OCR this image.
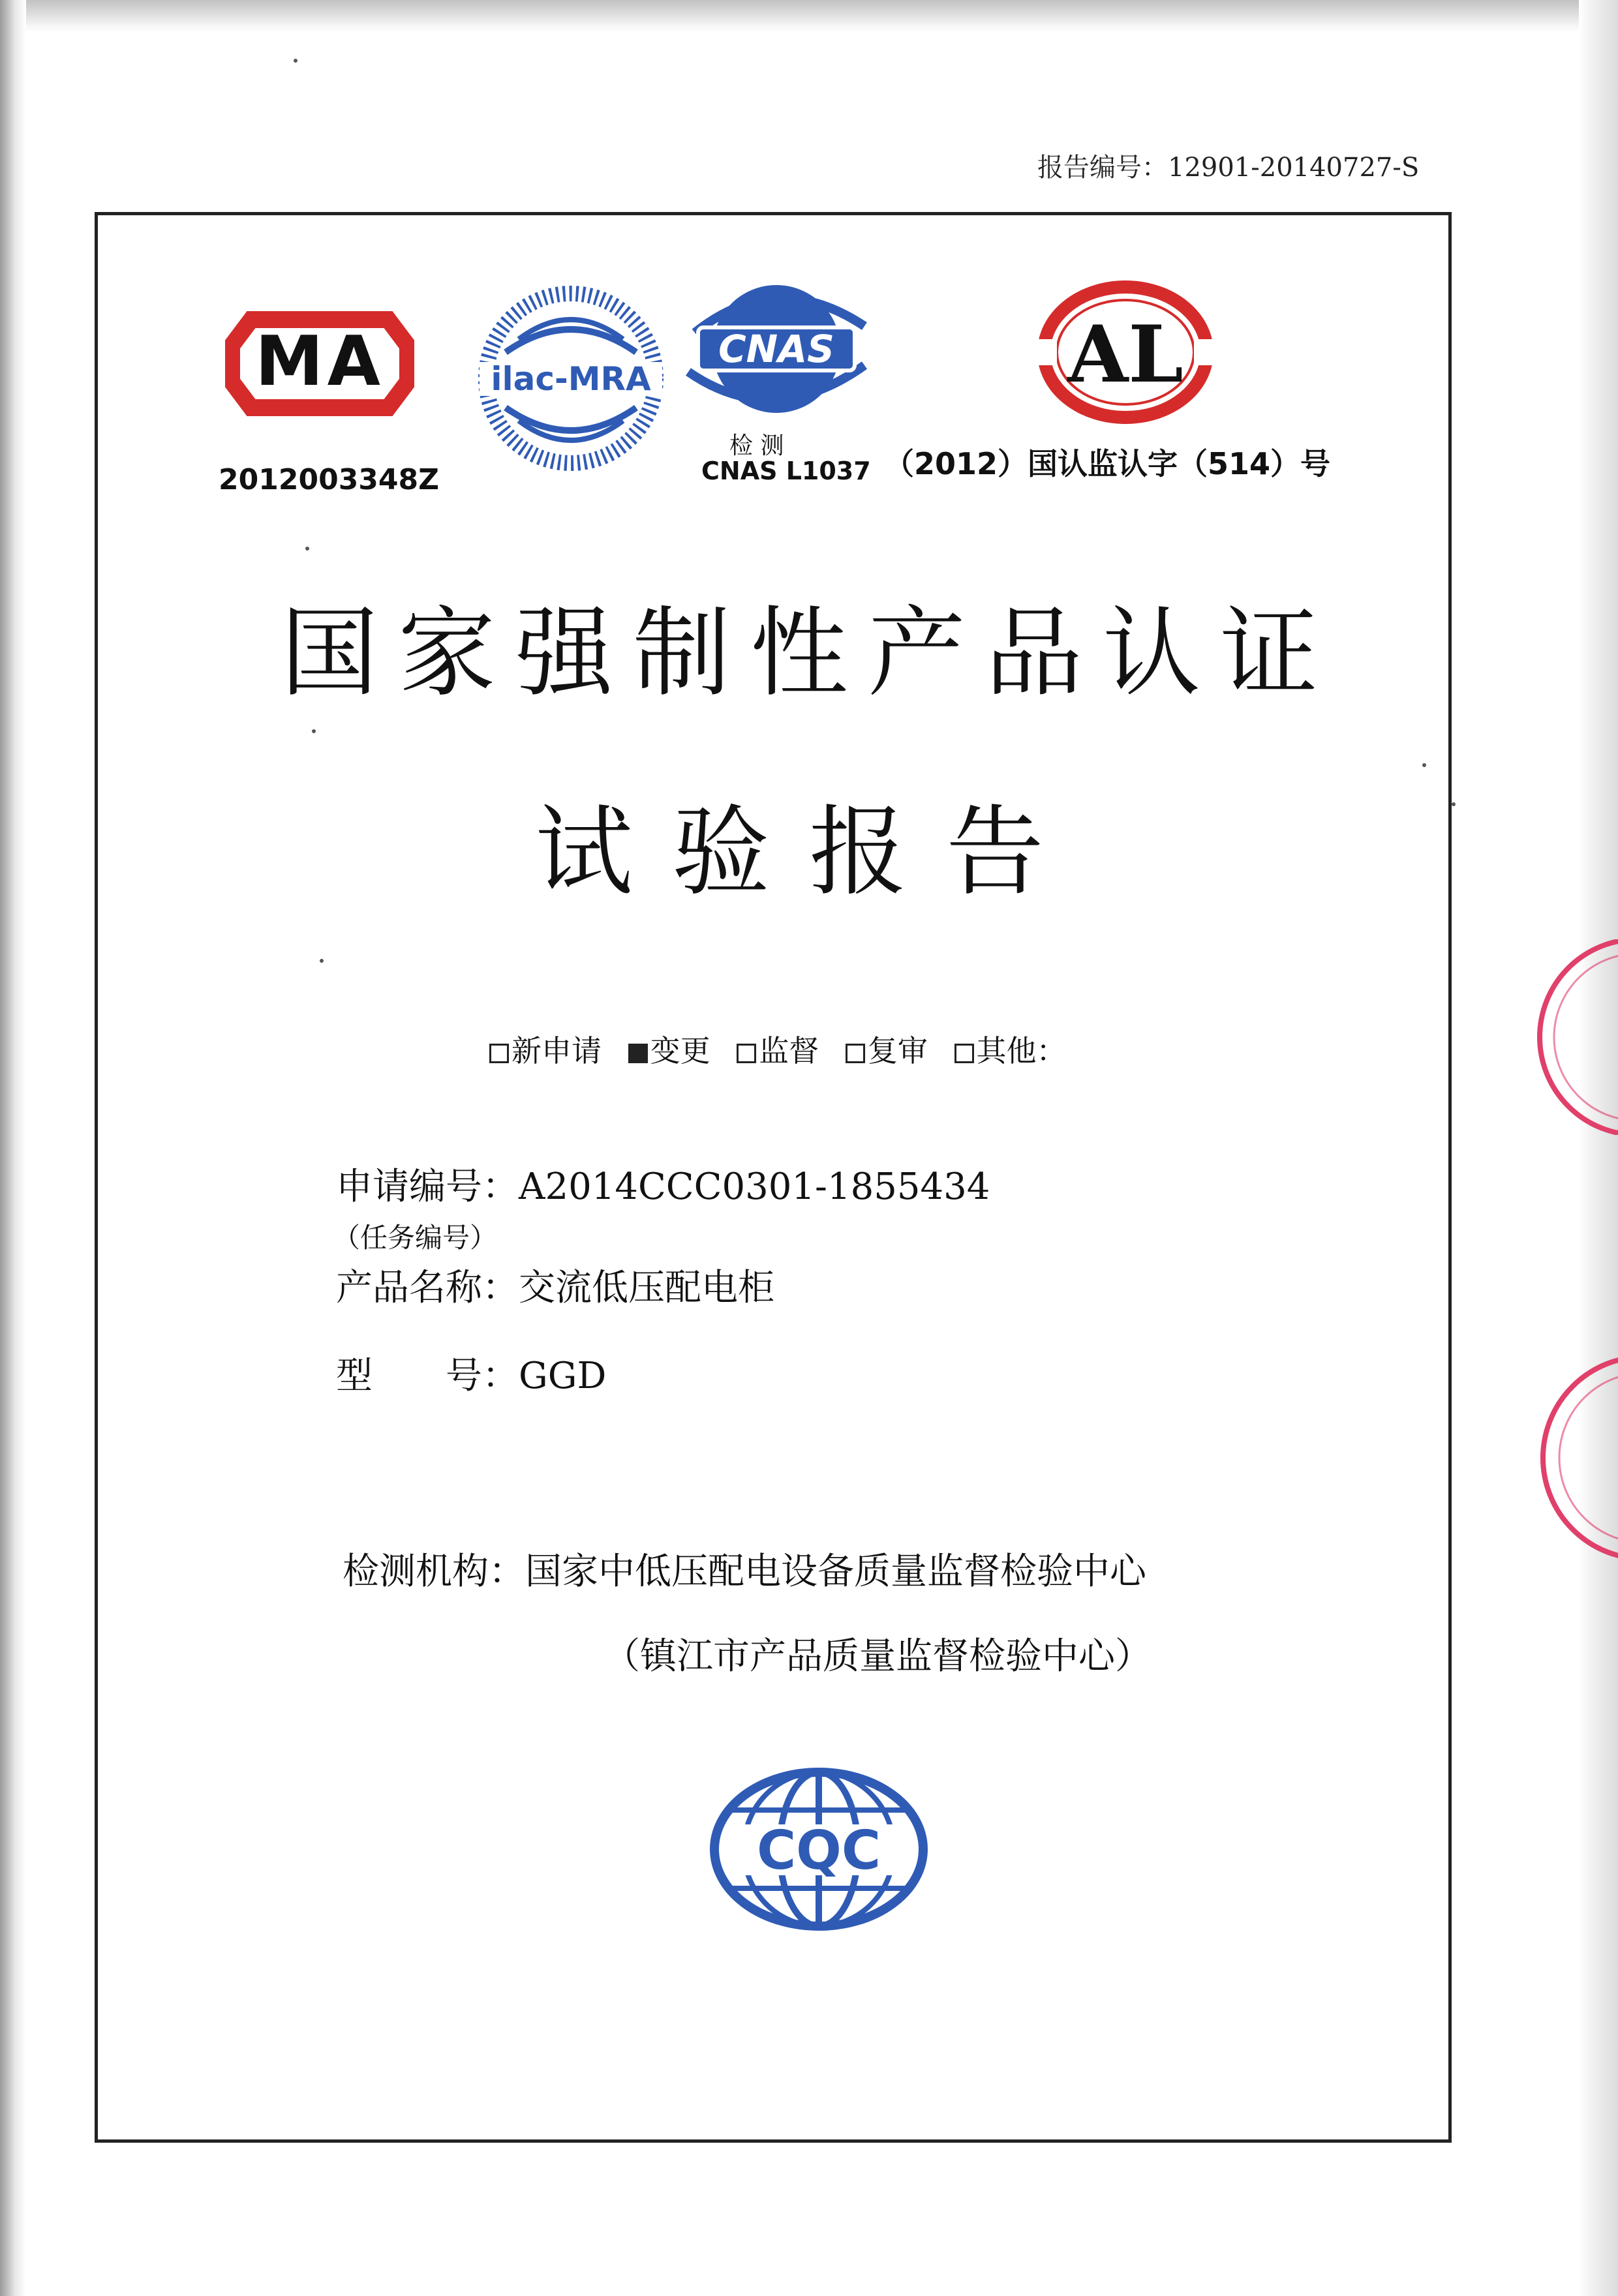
报告编号：12901-20140727-S
MA
2012003348Z
ilac-MRA
CNAS
检 测
CNAS L1037
AL
（2012）国认监认字（514）号
国家强制性产品认证
试验报告
新申请 变更 监督 复审 其他：
申请编号：A2014CCC0301-1855434
（任务编号）
产品名称：交流低压配电柜
型　　号：GGD
检测机构：国家中低压配电设备质量监督检验中心
（镇江市产品质量监督检验中心）
CQC
